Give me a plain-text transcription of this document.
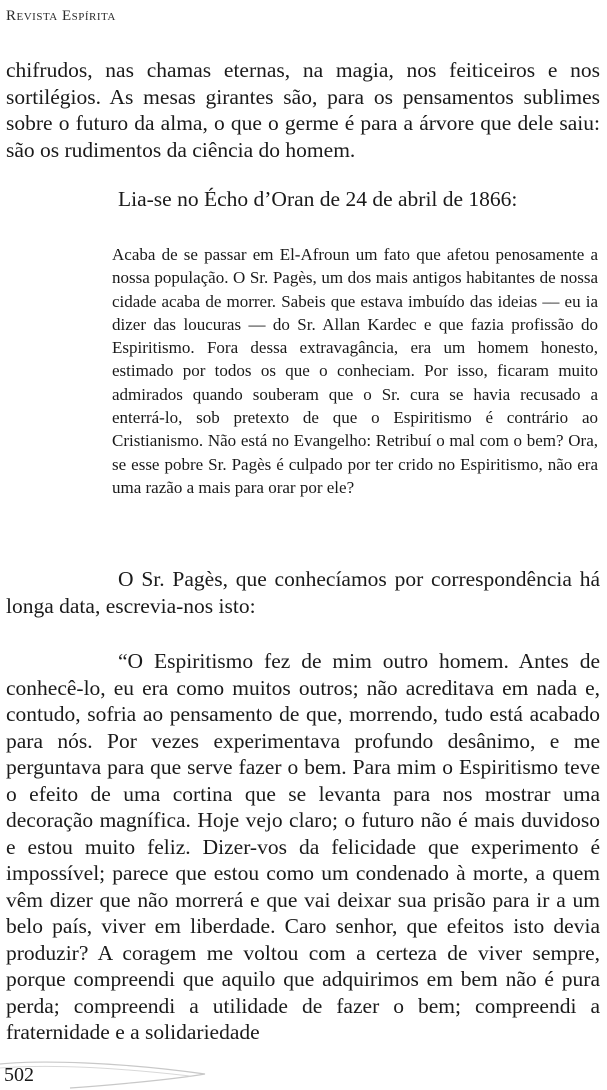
Revista Espírita

chifrudos, nas chamas eternas, na magia, nos feiticeiros e nos sortilégios. As mesas girantes são, para os pensamentos sublimes sobre o futuro da alma, o que o germe é para a árvore que dele saiu: são os rudimentos da ciência do homem.

Lia-se no Écho d’Oran de 24 de abril de 1866:

Acaba de se passar em El-Afroun um fato que afetou penosamente a nossa população. O Sr. Pagès, um dos mais antigos habitantes de nossa cidade acaba de morrer. Sabeis que estava imbuído das ideias –– eu ia dizer das loucuras — do Sr. Allan Kardec e que fazia profissão do Espiritismo. Fora dessa extravagância, era um homem honesto, estimado por todos os que o conheciam. Por isso, ficaram muito admirados quando souberam que o Sr. cura se havia recusado a enterrá-lo, sob pretexto de que o Espiritismo é contrário ao Cristianismo. Não está no Evangelho: Retribuí o mal com o bem? Ora, se esse pobre Sr. Pagès é culpado por ter crido no Espiritismo, não era uma razão a mais para orar por ele?

O Sr. Pagès, que conhecíamos por correspondência há longa data, escrevia-nos isto:

“O Espiritismo fez de mim outro homem. Antes de conhecê-lo, eu era como muitos outros; não acreditava em nada e, contudo, sofria ao pensamento de que, morrendo, tudo está acabado para nós. Por vezes experimentava profundo desânimo, e me perguntava para que serve fazer o bem. Para mim o Espiritismo teve o efeito de uma cortina que se levanta para nos mostrar uma decoração magnífica. Hoje vejo claro; o futuro não é mais duvidoso e estou muito feliz. Dizer-vos da felicidade que experimento é impossível; parece que estou como um condenado à morte, a quem vêm dizer que não morrerá e que vai deixar sua prisão para ir a um belo país, viver em liberdade. Caro senhor, que efeitos isto devia produzir? A coragem me voltou com a certeza de viver sempre, porque compreendi que aquilo que adquirimos em bem não é pura perda; compreendi a utilidade de fazer o bem; compreendi a fraternidade e a solidariedade

502
